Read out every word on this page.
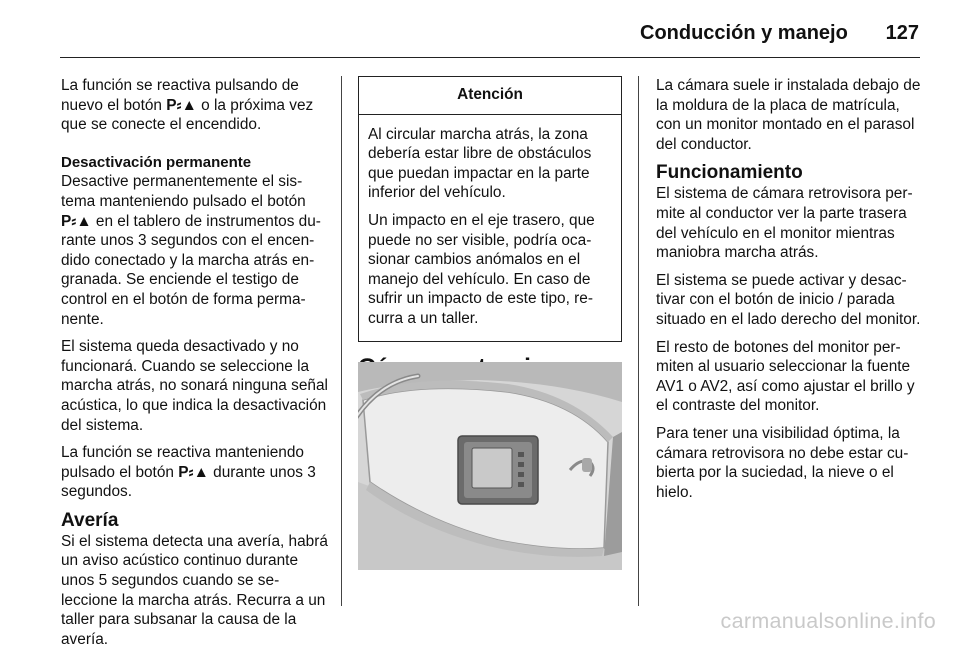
Conducción y manejo 127

La función se reactiva pulsando de nuevo el botón P⸗▲ o la próxima vez que se conecte el encendido.

Desactivación permanente

Desactive permanentemente el sistema manteniendo pulsado el botón P⸗▲ en el tablero de instrumentos durante unos 3 segundos con el encendido conectado y la marcha atrás engranada. Se enciende el testigo de control en el botón de forma permanente.

El sistema queda desactivado y no funcionará. Cuando se seleccione la marcha atrás, no sonará ninguna señal acústica, lo que indica la desactivación del sistema.

La función se reactiva manteniendo pulsado el botón P⸗▲ durante unos 3 segundos.

Avería

Si el sistema detecta una avería, habrá un aviso acústico continuo durante unos 5 segundos cuando se seleccione la marcha atrás. Recurra a un taller para subsanar la causa de la avería.

Atención

Al circular marcha atrás, la zona debería estar libre de obstáculos que puedan impactar en la parte inferior del vehículo.

Un impacto en el eje trasero, que puede no ser visible, podría ocasionar cambios anómalos en el manejo del vehículo. En caso de sufrir un impacto de este tipo, recurra a un taller.

La cámara suele ir instalada debajo de la moldura de la placa de matrícula, con un monitor montado en el parasol del conductor.

Funcionamiento

El sistema de cámara retrovisora permite al conductor ver la parte trasera del vehículo en el monitor mientras maniobra marcha atrás.

El sistema se puede activar y desactivar con el botón de inicio / parada situado en el lado derecho del monitor.

El resto de botones del monitor permiten al usuario seleccionar la fuente AV1 o AV2, así como ajustar el brillo y el contraste del monitor.

Para tener una visibilidad óptima, la cámara retrovisora no debe estar cubierta por la suciedad, la nieve o el hielo.

carmanualsonline.info
